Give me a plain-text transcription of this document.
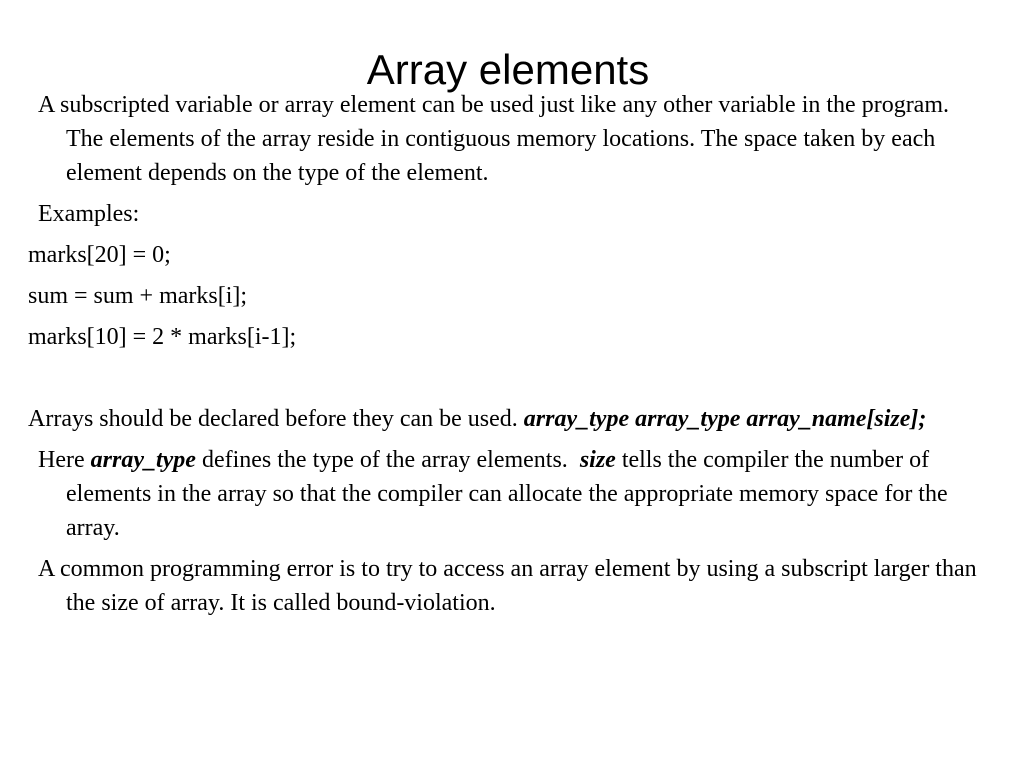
Array elements

A subscripted variable or array element can be used just like any other variable in the program. The elements of the array reside in contiguous memory locations. The space taken by each element depends on the type of the element.

Examples:

marks[20] = 0;

sum = sum + marks[i];

marks[10] = 2 * marks[i-1];

Arrays should be declared before they can be used. array_type array_type array_name[size];

Here array_type defines the type of the array elements. size tells the compiler the number of elements in the array so that the compiler can allocate the appropriate memory space for the array.

A common programming error is to try to access an array element by using a subscript larger than the size of array. It is called bound-violation.
